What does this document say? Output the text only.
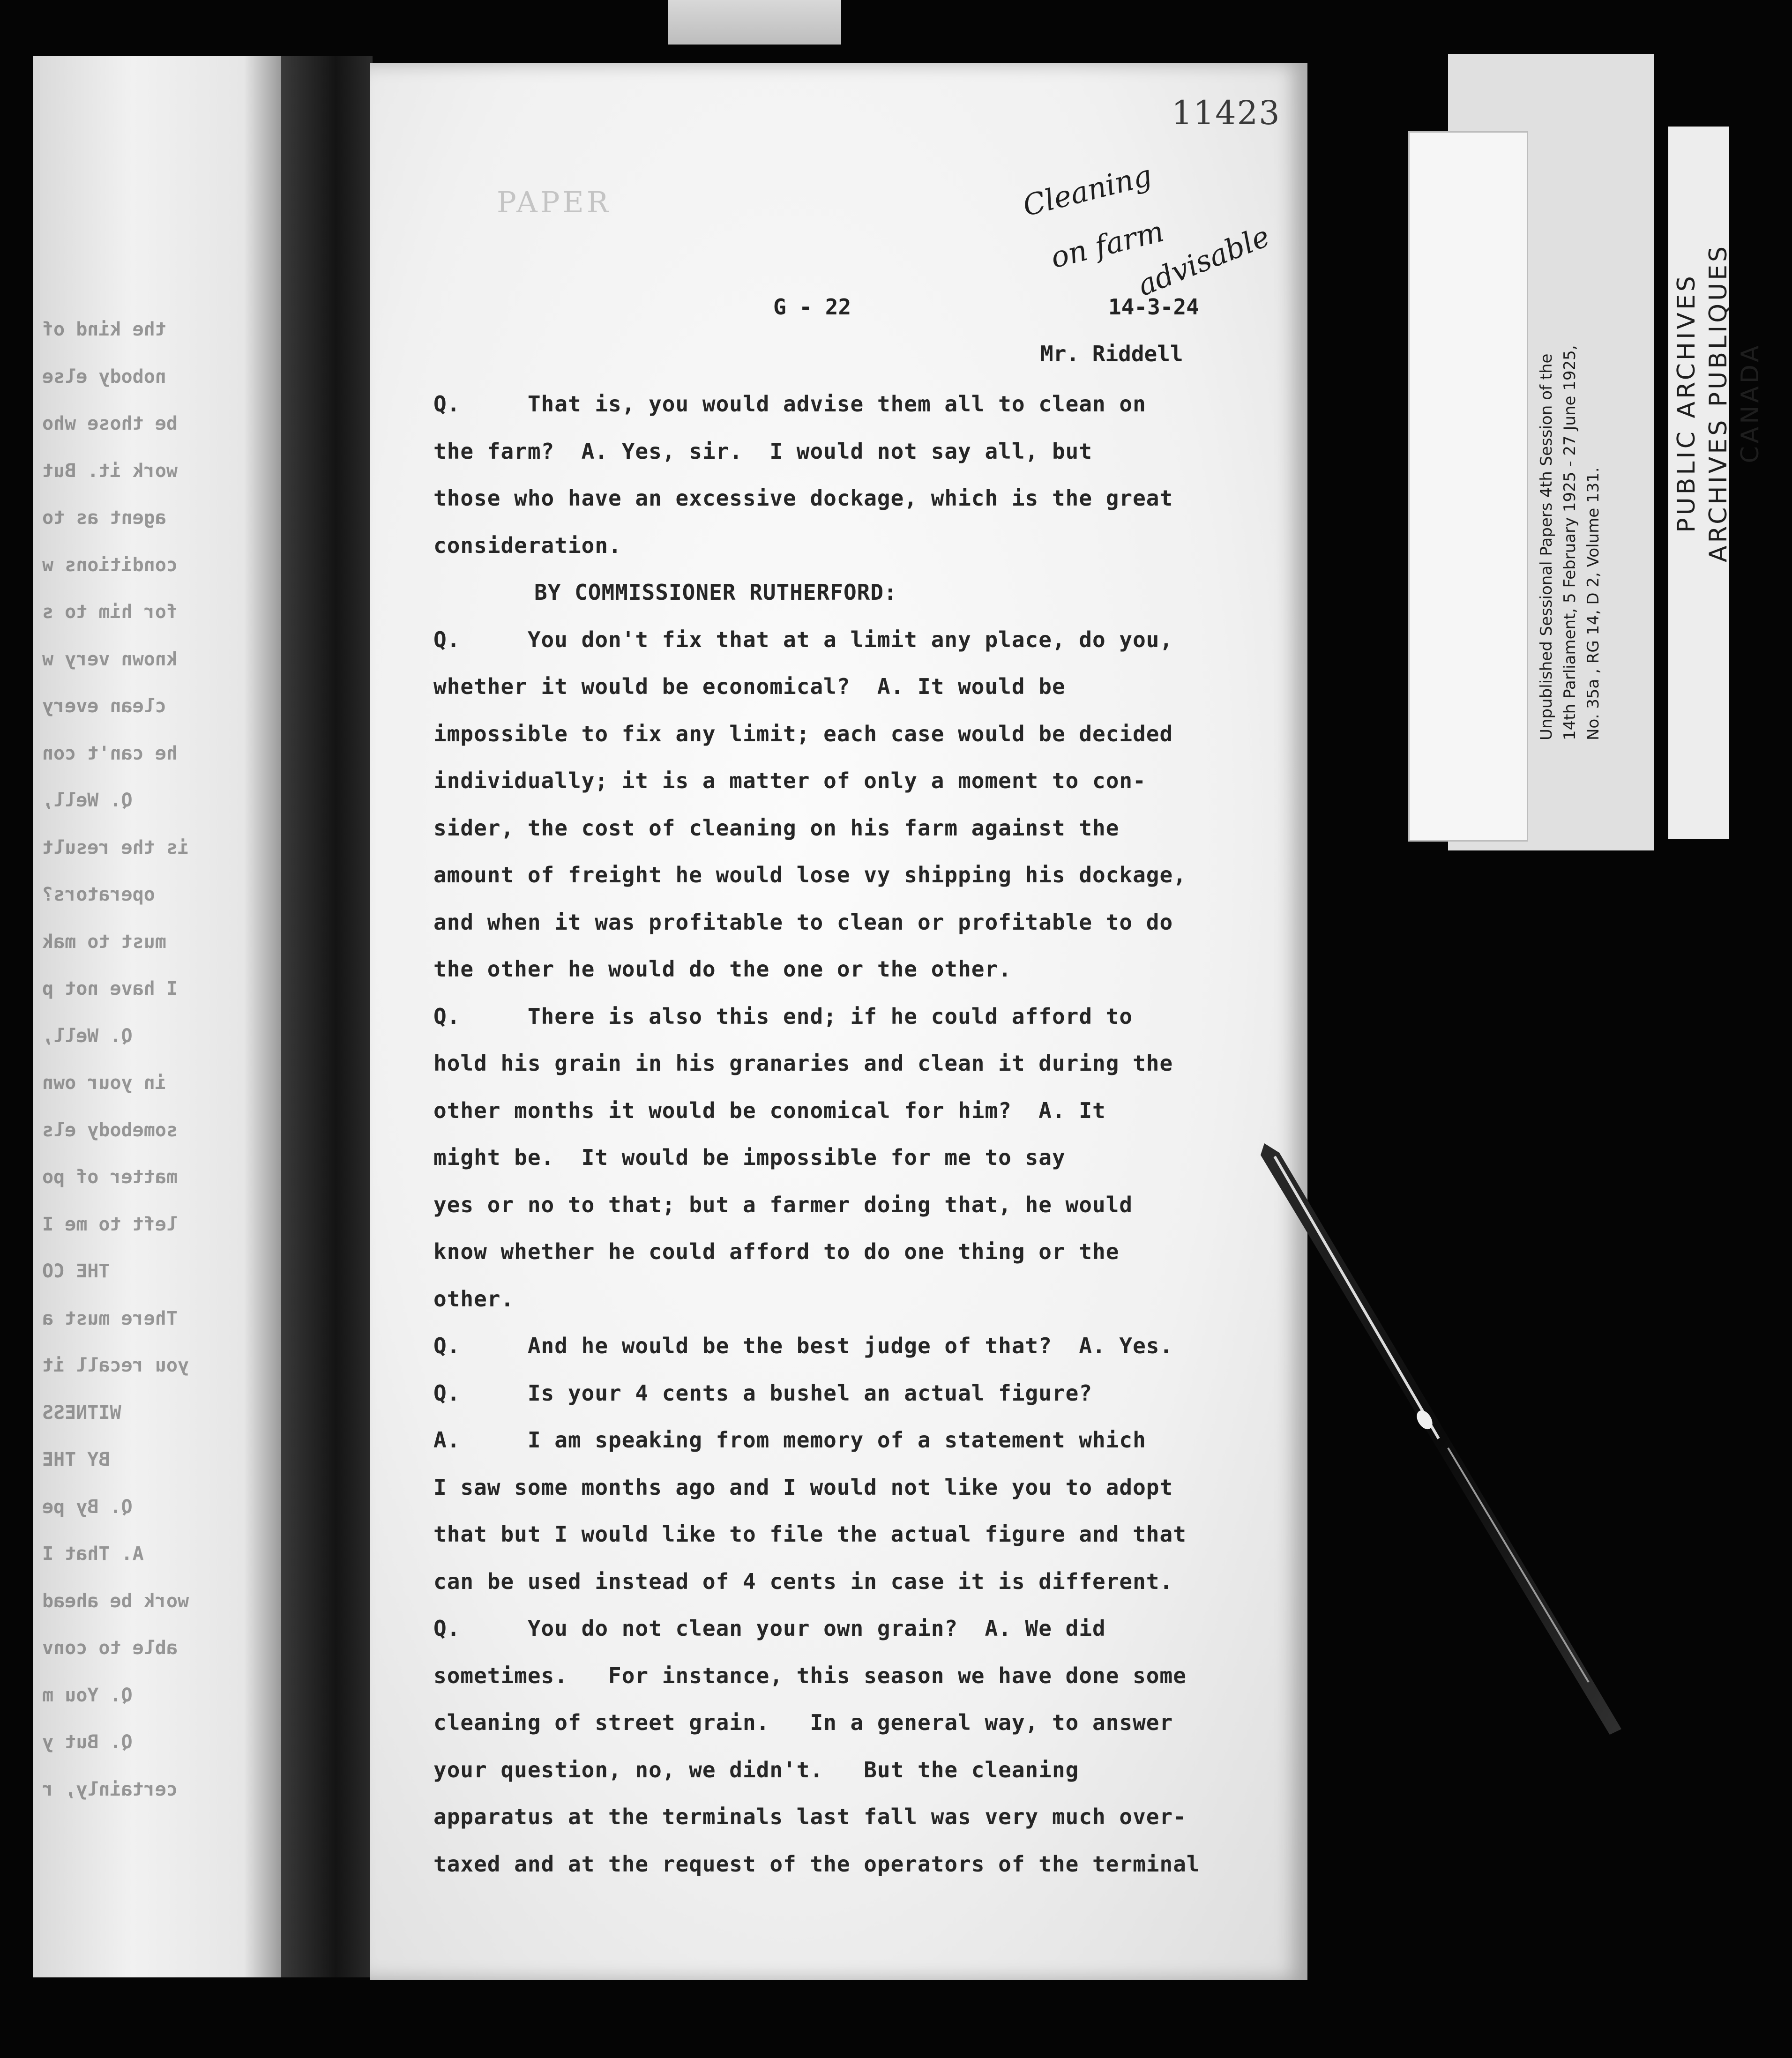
the kind of
nobody else
be those who
work it. But
agent as to
conditions w
for him to s
known very w
clean every
he can't con
Q. Well,
is the result
operators?
must to mak
I have not p
Q. Well,
in your own
somebody els
matter of po
left to me I
THE CO
There must a
you recall it
WITNESS
BY THE
Q. By pe
A. That I
work be ahead
able to conv
Q. You m
Q. But y
certainly, r
11423
PAPER	Cleaning
on farm
advisable
G - 22	14-3-24
Mr. Riddell
Q.     That is, you would advise them all to clean on
the farm?  A. Yes, sir.  I would not say all, but
those who have an excessive dockage, which is the great
consideration.
BY COMMISSIONER RUTHERFORD:
Q.     You don't fix that at a limit any place, do you,
whether it would be economical?  A. It would be
impossible to fix any limit; each case would be decided
individually; it is a matter of only a moment to con-
sider, the cost of cleaning on his farm against the
amount of freight he would lose vy shipping his dockage,
and when it was profitable to clean or profitable to do
the other he would do the one or the other.
Q.     There is also this end; if he could afford to
hold his grain in his granaries and clean it during the
other months it would be conomical for him?  A. It
might be.  It would be impossible for me to say
yes or no to that; but a farmer doing that, he would
know whether he could afford to do one thing or the
other.
Q.     And he would be the best judge of that?  A. Yes.
Q.     Is your 4 cents a bushel an actual figure?
A.     I am speaking from memory of a statement which
I saw some months ago and I would not like you to adopt
that but I would like to file the actual figure and that
can be used instead of 4 cents in case it is different.
Q.     You do not clean your own grain?  A. We did
sometimes.   For instance, this season we have done some
cleaning of street grain.   In a general way, to answer
your question, no, we didn't.   But the cleaning
apparatus at the terminals last fall was very much over-
taxed and at the request of the operators of the terminal
Unpublished Sessional Papers 4th Session of the 14th Parliament, 5 February 1925 - 27 June 1925, No. 35a , RG 14, D 2, Volume 131.
PUBLIC ARCHIVES ARCHIVES PUBLIQUES CANADA
